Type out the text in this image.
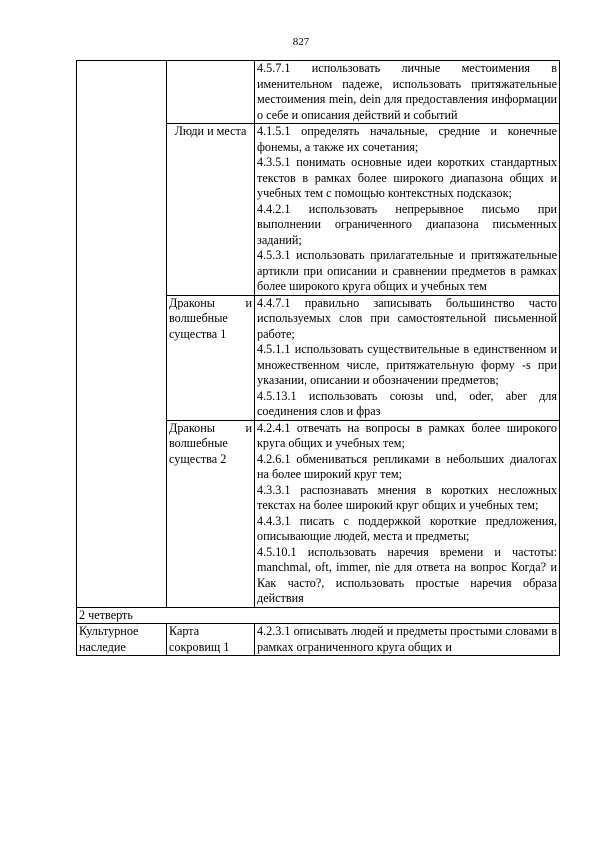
827

		4.5.7.1 использовать личные местоимения в именительном падеже, использовать притяжательные местоимения mein, dein для предоставления информации о себе и описания действий и событий

	Люди и места	4.1.5.1 определять начальные, средние и конечные фонемы, а также их сочетания;
4.3.5.1 понимать основные идеи коротких стандартных текстов в рамках более широкого диапазона общих и учебных тем с помощью контекстных подсказок;
4.4.2.1 использовать непрерывное письмо при выполнении ограниченного диапазона письменных заданий;
4.5.3.1 использовать прилагательные и притяжательные артикли при описании и сравнении предметов в рамках более широкого круга общих и учебных тем

	Драконы и волшебные существа 1	4.4.7.1 правильно записывать большинство часто используемых слов при самостоятельной письменной работе;
4.5.1.1 использовать существительные в единственном и множественном числе, притяжательную форму -s при указании, описании и обозначении предметов;
4.5.13.1 использовать союзы und, oder, aber для соединения слов и фраз

	Драконы и волшебные существа 2	4.2.4.1 отвечать на вопросы в рамках более широкого круга общих и учебных тем;
4.2.6.1 обмениваться репликами в небольших диалогах на более широкий круг тем;
4.3.3.1 распознавать мнения в коротких несложных текстах на более широкий круг общих и учебных тем;
4.4.3.1 писать с поддержкой короткие предложения, описывающие людей, места и предметы;
4.5.10.1 использовать наречия времени и частоты: manchmal, oft, immer, nie для ответа на вопрос Когда? и Как часто?, использовать простые наречия образа действия

2 четверть		
Культурное наследие	Карта сокровищ 1	4.2.3.1 описывать людей и предметы простыми словами в рамках ограниченного круга общих и
